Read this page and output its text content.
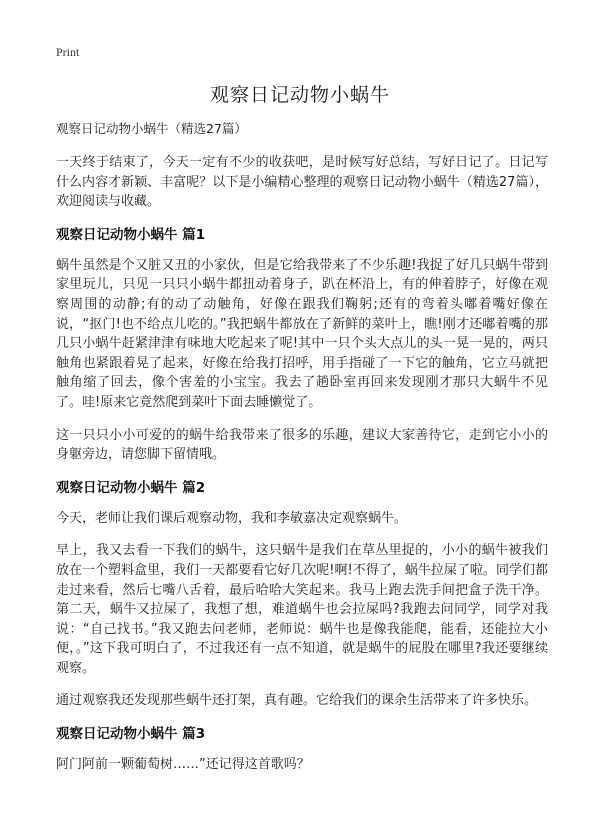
Print
观察日记动物小蜗牛
观察日记动物小蜗牛（精选27篇）

一天终于结束了，今天一定有不少的收获吧，是时候写好总结，写好日记了。日记写什么内容才新颖、丰富呢？以下是小编精心整理的观察日记动物小蜗牛（精选27篇），欢迎阅读与收藏。

观察日记动物小蜗牛 篇1

蜗牛虽然是个又脏又丑的小家伙，但是它给我带来了不少乐趣!我捉了好几只蜗牛带到家里玩儿，只见一只只小蜗牛都扭动着身子，趴在杯沿上，有的伸着脖子，好像在观察周围的动静;有的动了动触角，好像在跟我们鞠躬;还有的弯着头嘟着嘴好像在说，“抠门!也不给点儿吃的。”我把蜗牛都放在了新鲜的菜叶上，瞧!刚才还嘟着嘴的那几只小蜗牛赶紧津津有味地大吃起来了呢!其中一只个头大点儿的头一晃一晃的，两只触角也紧跟着晃了起来，好像在给我打招呼，用手指碰了一下它的触角，它立马就把触角缩了回去，像个害羞的小宝宝。我去了趟卧室再回来发现刚才那只大蜗牛不见了。哇!原来它竟然爬到菜叶下面去睡懒觉了。

这一只只小小可爱的的蜗牛给我带来了很多的乐趣，建议大家善待它，走到它小小的身躯旁边，请您脚下留情哦。

观察日记动物小蜗牛 篇2

今天，老师让我们课后观察动物，我和李敏嘉决定观察蜗牛。

早上，我又去看一下我们的蜗牛，这只蜗牛是我们在草丛里捉的，小小的蜗牛被我们放在一个塑料盒里，我们一天都要看它好几次呢!啊!不得了，蜗牛拉屎了啦。同学们都走过来看，然后七嘴八舌着，最后哈哈大笑起来。我马上跑去洗手间把盒子洗干净。第二天，蜗牛又拉屎了，我想了想，难道蜗牛也会拉屎吗?我跑去问同学，同学对我说：“自己找书。”我又跑去问老师，老师说：蜗牛也是像我能爬，能看，还能拉大小便，。”这下我可明白了，不过我还有一点不知道，就是蜗牛的屁股在哪里?我还要继续观察。

通过观察我还发现那些蜗牛还打架，真有趣。它给我们的课余生活带来了许多快乐。

观察日记动物小蜗牛 篇3

阿门阿前一颗葡萄树……”还记得这首歌吗？
